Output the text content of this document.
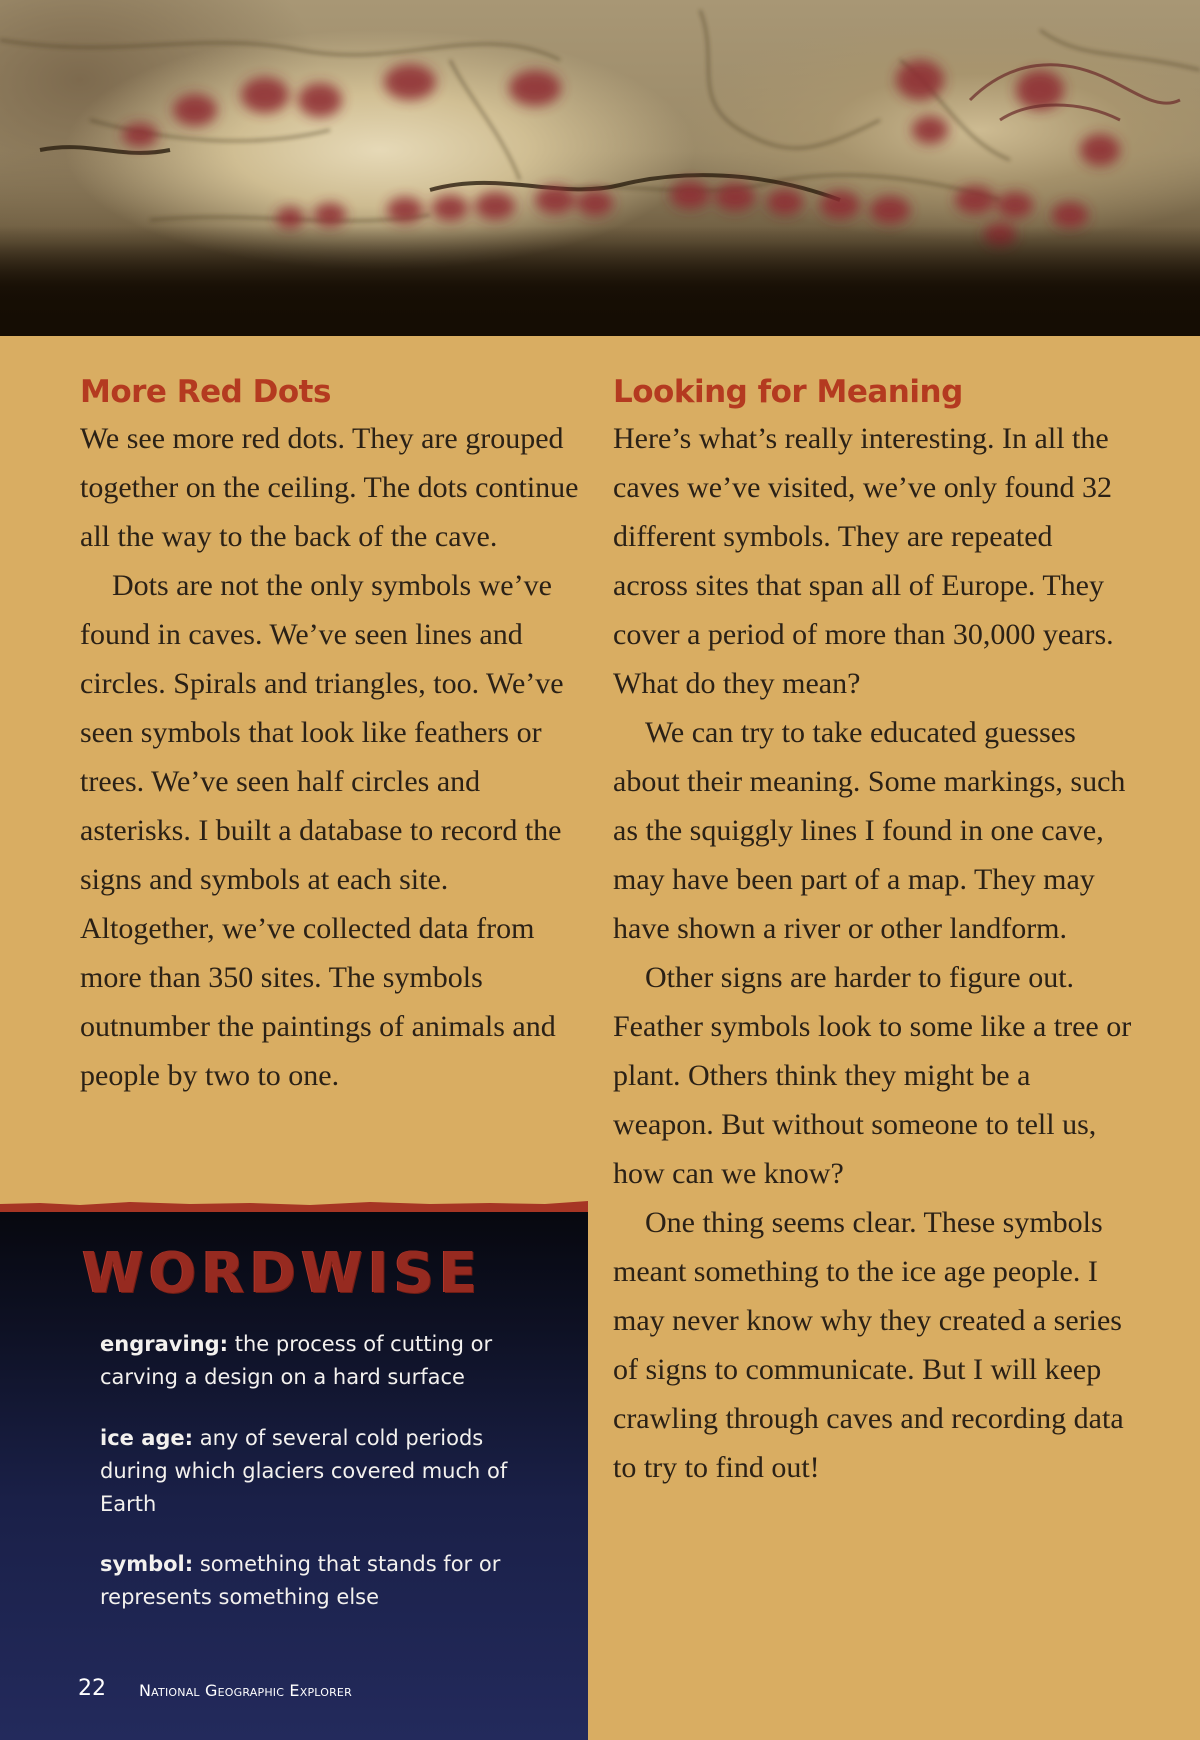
More Red Dots

We see more red dots. They are grouped together on the ceiling. The dots continue all the way to the back of the cave.

Dots are not the only symbols we’ve found in caves. We’ve seen lines and circles. Spirals and triangles, too. We’ve seen symbols that look like feathers or trees. We’ve seen half circles and asterisks. I built a database to record the signs and symbols at each site. Altogether, we’ve collected data from more than 350 sites. The symbols outnumber the paintings of animals and people by two to one.

Looking for Meaning

Here’s what’s really interesting. In all the caves we’ve visited, we’ve only found 32 different symbols. They are repeated across sites that span all of Europe. They cover a period of more than 30,000 years. What do they mean?

We can try to take educated guesses about their meaning. Some markings, such as the squiggly lines I found in one cave, may have been part of a map. They may have shown a river or other landform.

Other signs are harder to figure out. Feather symbols look to some like a tree or plant. Others think they might be a weapon. But without someone to tell us, how can we know?

One thing seems clear. These symbols meant something to the ice age people. I may never know why they created a series of signs to communicate. But I will keep crawling through caves and recording data to try to find out!

WORDWISE

engraving: the process of cutting or carving a design on a hard surface

ice age: any of several cold periods during which glaciers covered much of Earth

symbol: something that stands for or represents something else

22 National Geographic Explorer
